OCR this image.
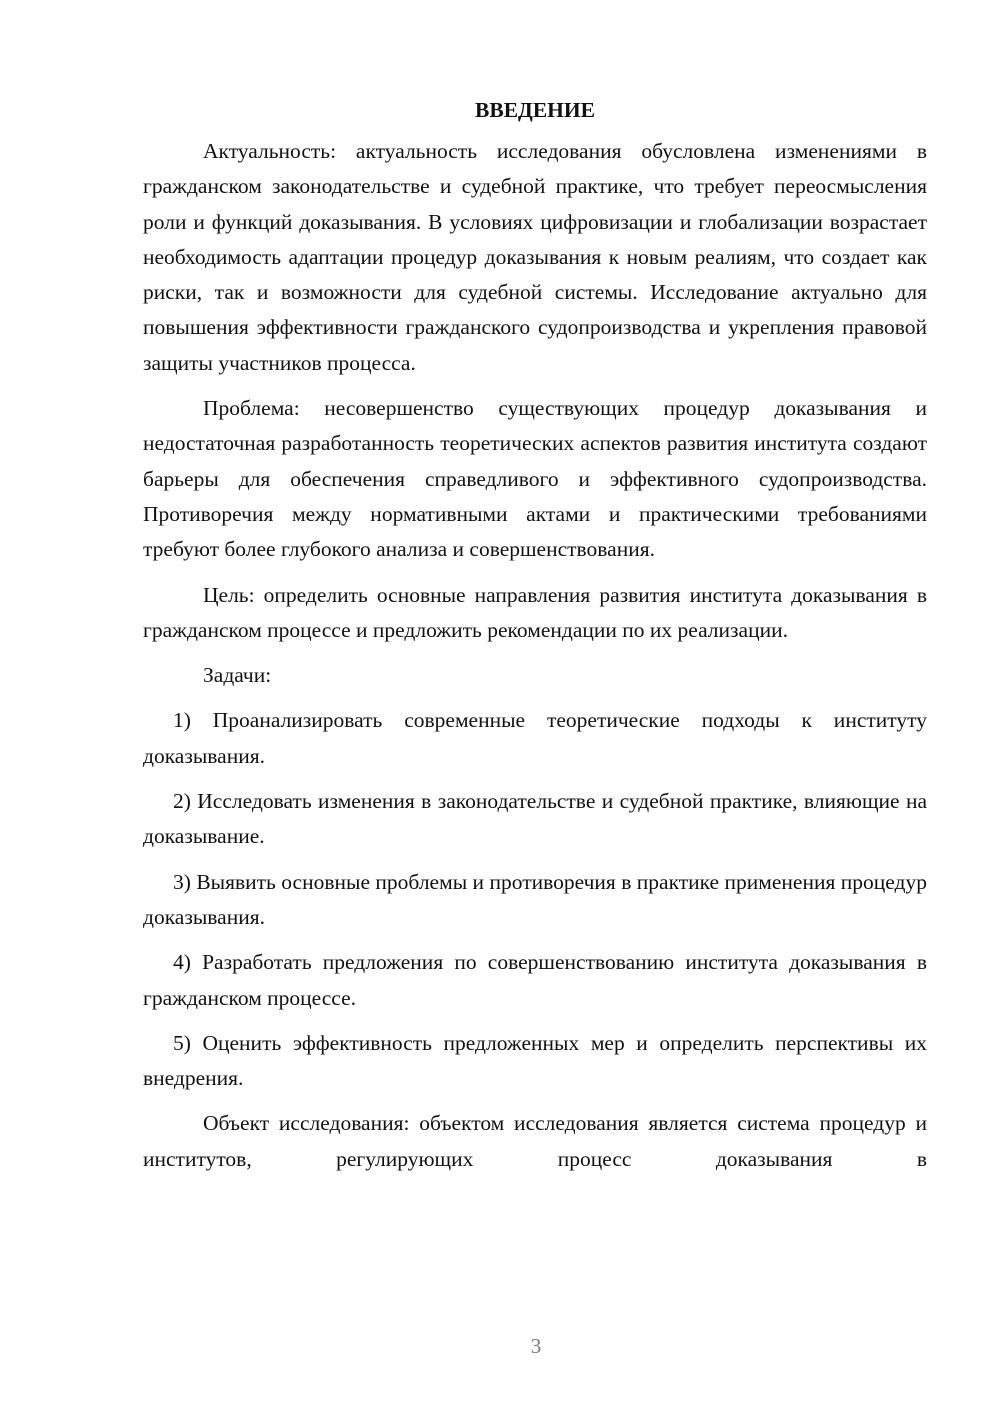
ВВЕДЕНИЕ

Актуальность: актуальность исследования обусловлена изменениями в гражданском законодательстве и судебной практике, что требует переосмысления роли и функций доказывания. В условиях цифровизации и глобализации возрастает необходимость адаптации процедур доказывания к новым реалиям, что создает как риски, так и возможности для судебной системы. Исследование актуально для повышения эффективности гражданского судопроизводства и укрепления правовой защиты участников процесса.

Проблема: несовершенство существующих процедур доказывания и недостаточная разработанность теоретических аспектов развития института создают барьеры для обеспечения справедливого и эффективного судопроизводства. Противоречия между нормативными актами и практическими требованиями требуют более глубокого анализа и совершенствования.

Цель: определить основные направления развития института доказывания в гражданском процессе и предложить рекомендации по их реализации.

Задачи:

1) Проанализировать современные теоретические подходы к институту доказывания.

2) Исследовать изменения в законодательстве и судебной практике, влияющие на доказывание.

3) Выявить основные проблемы и противоречия в практике применения процедур доказывания.

4) Разработать предложения по совершенствованию института доказывания в гражданском процессе.

5) Оценить эффективность предложенных мер и определить перспективы их внедрения.

Объект исследования: объектом исследования является система процедур и институтов, регулирующих процесс доказывания в

3
